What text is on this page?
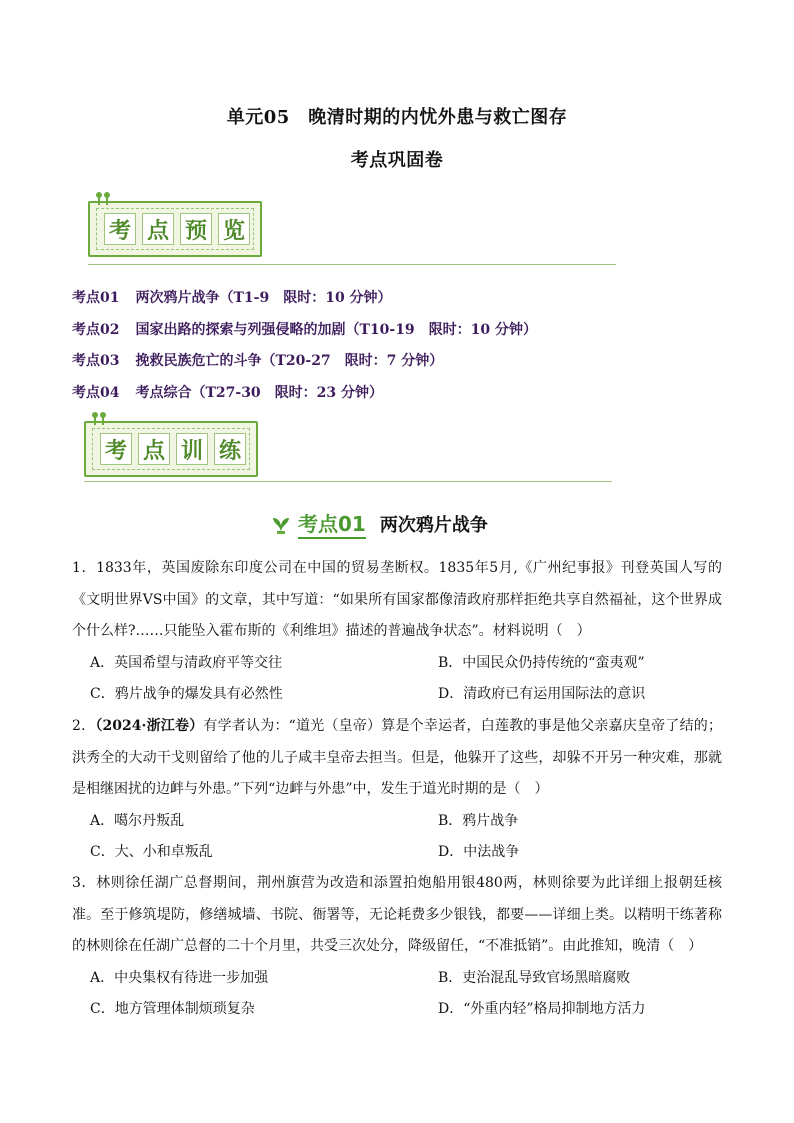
单元05　晚清时期的内忧外患与救亡图存
考点巩固卷
考 点 预 览
考点01 两次鸦片战争（T1-9 限时：10 分钟）
考点02 国家出路的探索与列强侵略的加剧（T10-19 限时：10 分钟）
考点03 挽救民族危亡的斗争（T20-27 限时：7 分钟）
考点04 考点综合（T27-30 限时：23 分钟）
考 点 训 练
考点01 两次鸦片战争

1．1833年，英国废除东印度公司在中国的贸易垄断权。1835年5月,《广州纪事报》刊登英国人写的《文明世界VS中国》的文章，其中写道：“如果所有国家都像清政府那样拒绝共享自然福祉，这个世界成个什么样?……只能坠入霍布斯的《利维坦》描述的普遍战争状态”。材料说明（　）

A．英国希望与清政府平等交往	B．中国民众仍持传统的“蛮夷观”
C．鸦片战争的爆发具有必然性	D．清政府已有运用国际法的意识

2．（2024·浙江卷）有学者认为：“道光（皇帝）算是个幸运者，白莲教的事是他父亲嘉庆皇帝了结的；洪秀全的大动干戈则留给了他的儿子咸丰皇帝去担当。但是，他躲开了这些，却躲不开另一种灾难，那就是相继困扰的边衅与外患。”下列“边衅与外患”中，发生于道光时期的是（　）

A．噶尔丹叛乱	B．鸦片战争
C．大、小和卓叛乱	D．中法战争

3．林则徐任湖广总督期间，荆州旗营为改造和添置拍炮船用银480两，林则徐要为此详细上报朝廷核准。至于修筑堤防，修缮城墙、书院、衙署等，无论耗费多少银钱，都要——详细上类。以精明干练著称的林则徐在任湖广总督的二十个月里，共受三次处分，降级留任，“不准抵销”。由此推知，晚清（　）

A．中央集权有待进一步加强	B．吏治混乱导致官场黑暗腐败
C．地方管理体制烦琐复杂	D．“外重内轻”格局抑制地方活力
